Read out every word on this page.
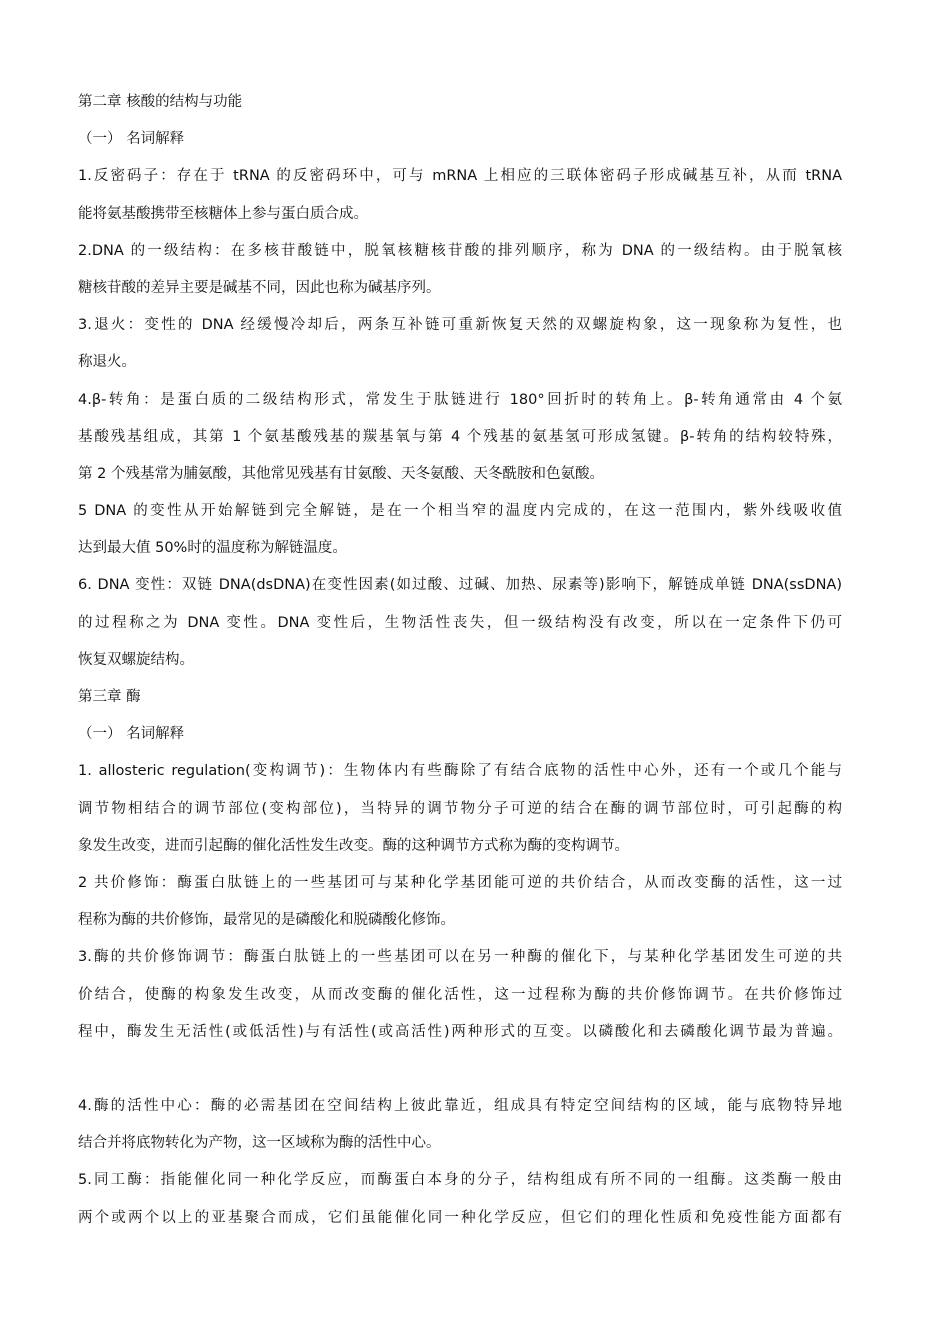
第二章 核酸的结构与功能
（一） 名词解释
1.反密码子：存在于 tRNA 的反密码环中，可与 mRNA 上相应的三联体密码子形成碱基互补，从而 tRNA
能将氨基酸携带至核糖体上参与蛋白质合成。
2.DNA 的一级结构：在多核苷酸链中，脱氧核糖核苷酸的排列顺序，称为 DNA 的一级结构。由于脱氧核
糖核苷酸的差异主要是碱基不同，因此也称为碱基序列。
3.退火：变性的 DNA 经缓慢冷却后，两条互补链可重新恢复天然的双螺旋构象，这一现象称为复性，也
称退火。
4.β-转角：是蛋白质的二级结构形式，常发生于肽链进行 180°回折时的转角上。β-转角通常由 4 个氨
基酸残基组成，其第 1 个氨基酸残基的羰基氧与第 4 个残基的氨基氢可形成氢键。β-转角的结构较特殊，
第 2 个残基常为脯氨酸，其他常见残基有甘氨酸、天冬氨酸、天冬酰胺和色氨酸。
5 DNA 的变性从开始解链到完全解链，是在一个相当窄的温度内完成的，在这一范围内，紫外线吸收值
达到最大值 50%时的温度称为解链温度。
6. DNA 变性：双链 DNA(dsDNA)在变性因素(如过酸、过碱、加热、尿素等)影响下，解链成单链 DNA(ssDNA)
的过程称之为 DNA 变性。DNA 变性后，生物活性丧失，但一级结构没有改变，所以在一定条件下仍可
恢复双螺旋结构。
第三章 酶
（一） 名词解释
1. allosteric regulation(变构调节)：生物体内有些酶除了有结合底物的活性中心外，还有一个或几个能与
调节物相结合的调节部位(变构部位)，当特异的调节物分子可逆的结合在酶的调节部位时，可引起酶的构
象发生改变，进而引起酶的催化活性发生改变。酶的这种调节方式称为酶的变构调节。
2 共价修饰：酶蛋白肽链上的一些基团可与某种化学基团能可逆的共价结合，从而改变酶的活性，这一过
程称为酶的共价修饰，最常见的是磷酸化和脱磷酸化修饰。
3.酶的共价修饰调节：酶蛋白肽链上的一些基团可以在另一种酶的催化下，与某种化学基团发生可逆的共
价结合，使酶的构象发生改变，从而改变酶的催化活性，这一过程称为酶的共价修饰调节。在共价修饰过
程中，酶发生无活性(或低活性)与有活性(或高活性)两种形式的互变。以磷酸化和去磷酸化调节最为普遍。
4.酶的活性中心：酶的必需基团在空间结构上彼此靠近，组成具有特定空间结构的区域，能与底物特异地
结合并将底物转化为产物，这一区域称为酶的活性中心。
5.同工酶：指能催化同一种化学反应，而酶蛋白本身的分子，结构组成有所不同的一组酶。这类酶一般由
两个或两个以上的亚基聚合而成，它们虽能催化同一种化学反应，但它们的理化性质和免疫性能方面都有
